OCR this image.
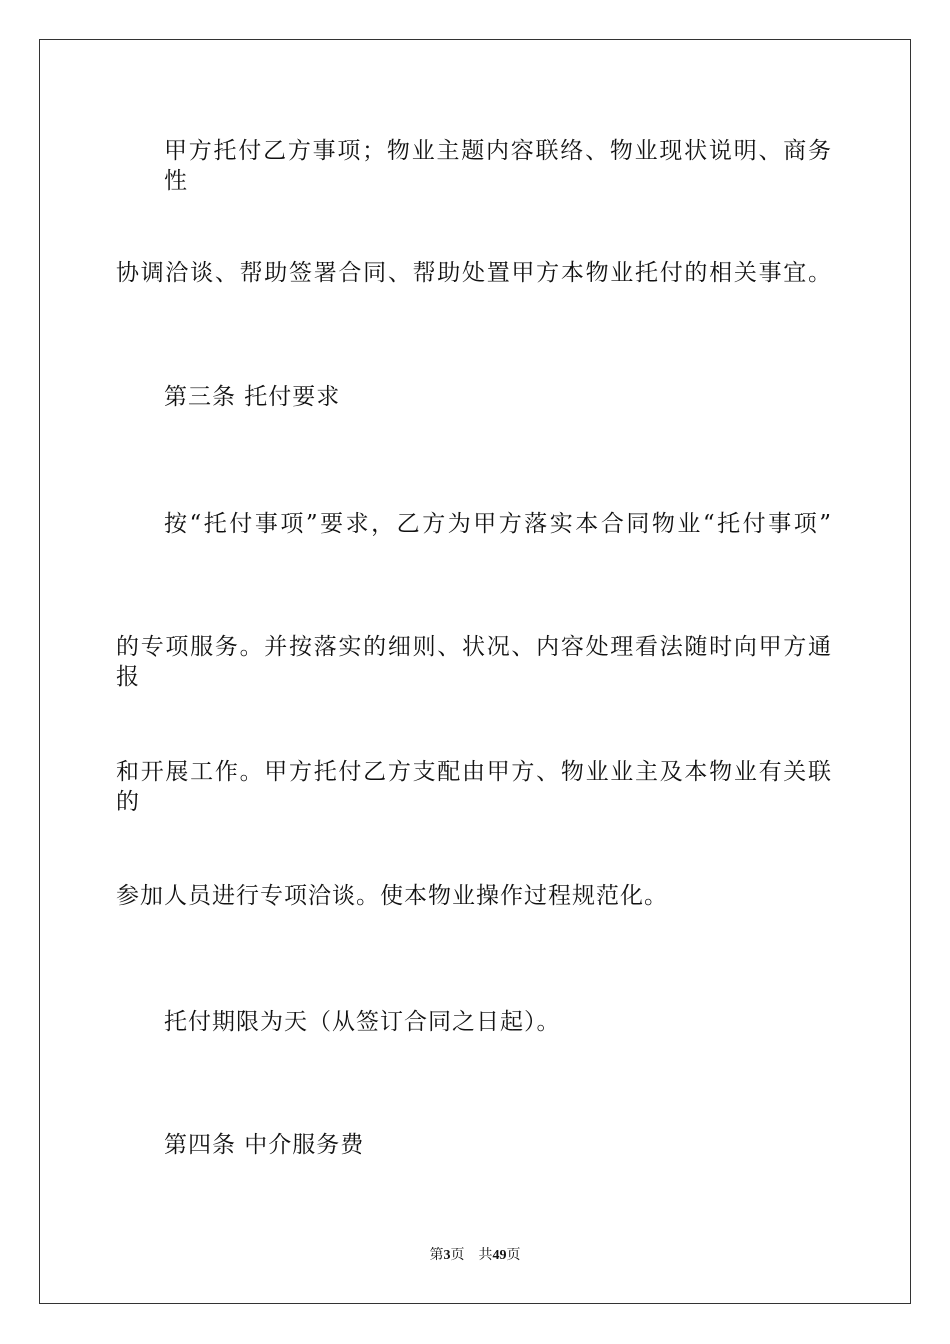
甲方托付乙方事项；物业主题内容联络、物业现状说明、商务性
协调洽谈、帮助签署合同、帮助处置甲方本物业托付的相关事宜。
第三条 托付要求
按“托付事项”要求，乙方为甲方落实本合同物业“托付事项”
的专项服务。并按落实的细则、状况、内容处理看法随时向甲方通报
和开展工作。甲方托付乙方支配由甲方、物业业主及本物业有关联的
参加人员进行专项洽谈。使本物业操作过程规范化。
托付期限为天（从签订合同之日起）。
第四条 中介服务费
第3页 共49页
